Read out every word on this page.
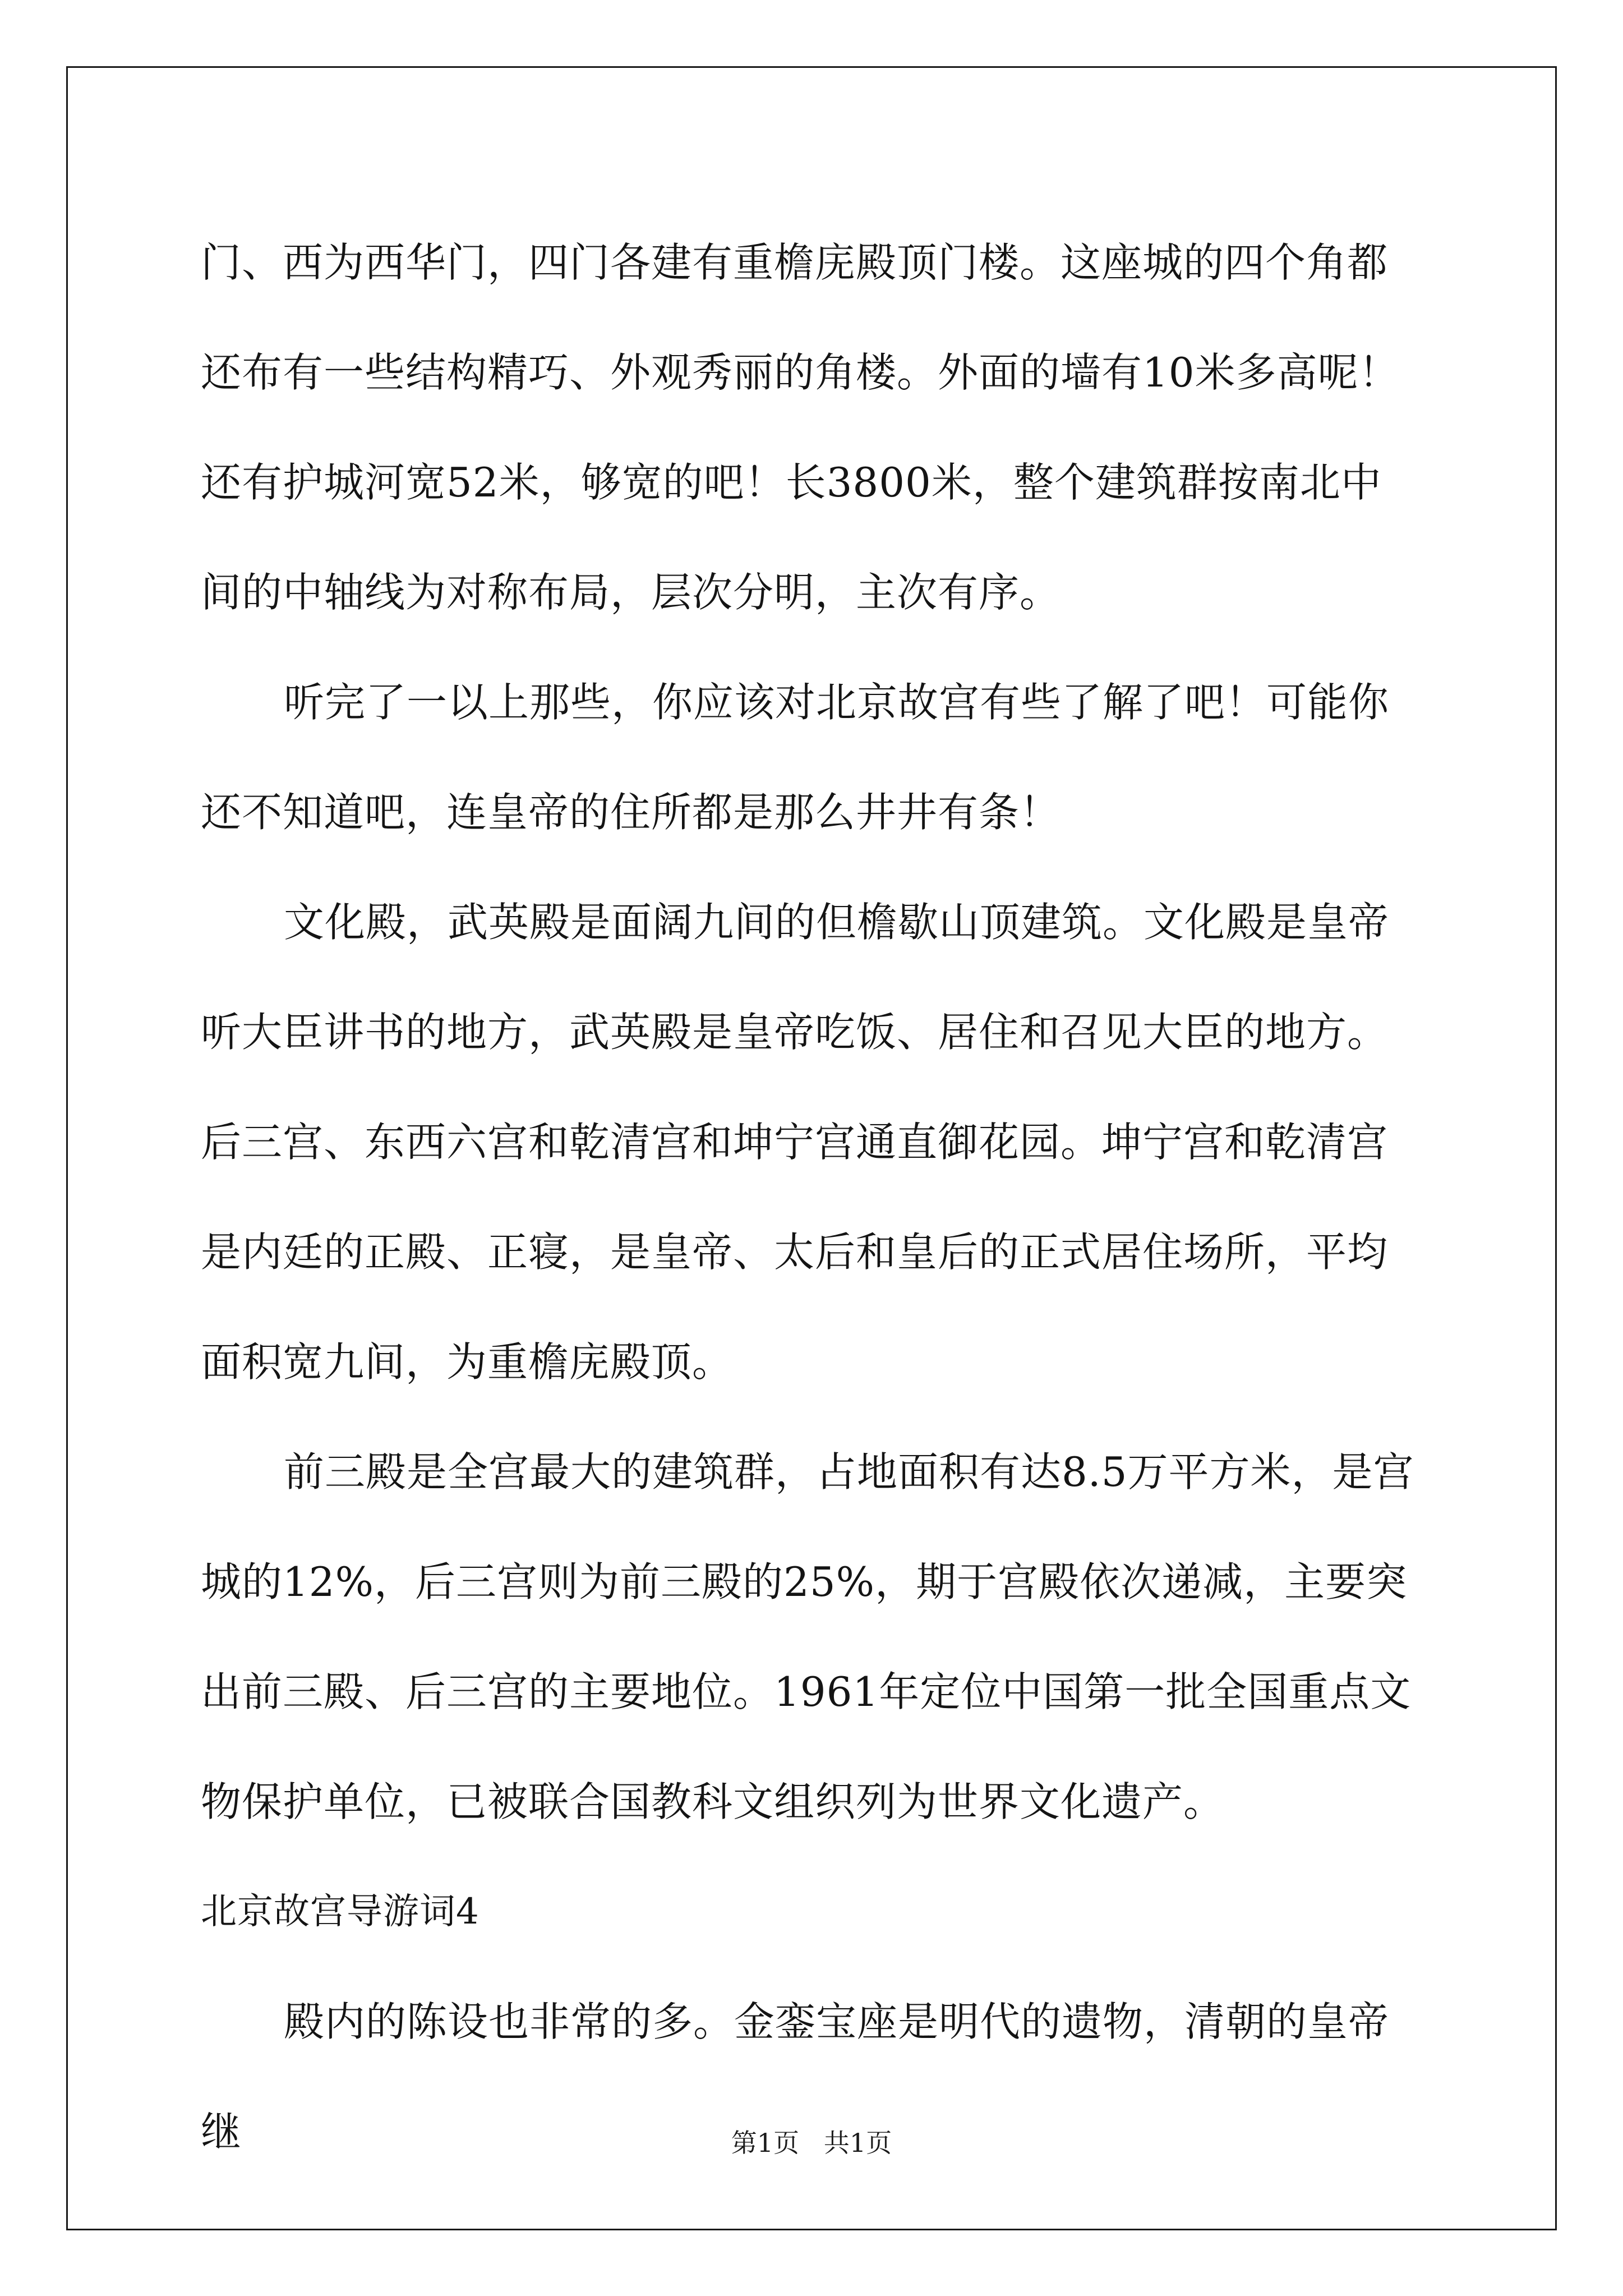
门、西为西华门，四门各建有重檐庑殿顶门楼。这座城的四个角都还布有一些结构精巧、外观秀丽的角楼。外面的墙有10米多高呢！还有护城河宽52米，够宽的吧！长3800米，整个建筑群按南北中间的中轴线为对称布局，层次分明，主次有序。

听完了一以上那些，你应该对北京故宫有些了解了吧！可能你还不知道吧，连皇帝的住所都是那么井井有条！

文化殿，武英殿是面阔九间的但檐歇山顶建筑。文化殿是皇帝听大臣讲书的地方，武英殿是皇帝吃饭、居住和召见大臣的地方。后三宫、东西六宫和乾清宫和坤宁宫通直御花园。坤宁宫和乾清宫是内廷的正殿、正寝，是皇帝、太后和皇后的正式居住场所，平均面积宽九间，为重檐庑殿顶。

前三殿是全宫最大的建筑群，占地面积有达8.5万平方米，是宫城的12%，后三宫则为前三殿的25%，期于宫殿依次递减，主要突出前三殿、后三宫的主要地位。1961年定位中国第一批全国重点文物保护单位，已被联合国教科文组织列为世界文化遗产。

北京故宫导游词4

殿内的陈设也非常的多。金銮宝座是明代的遗物，清朝的皇帝继	第1页   共1页
